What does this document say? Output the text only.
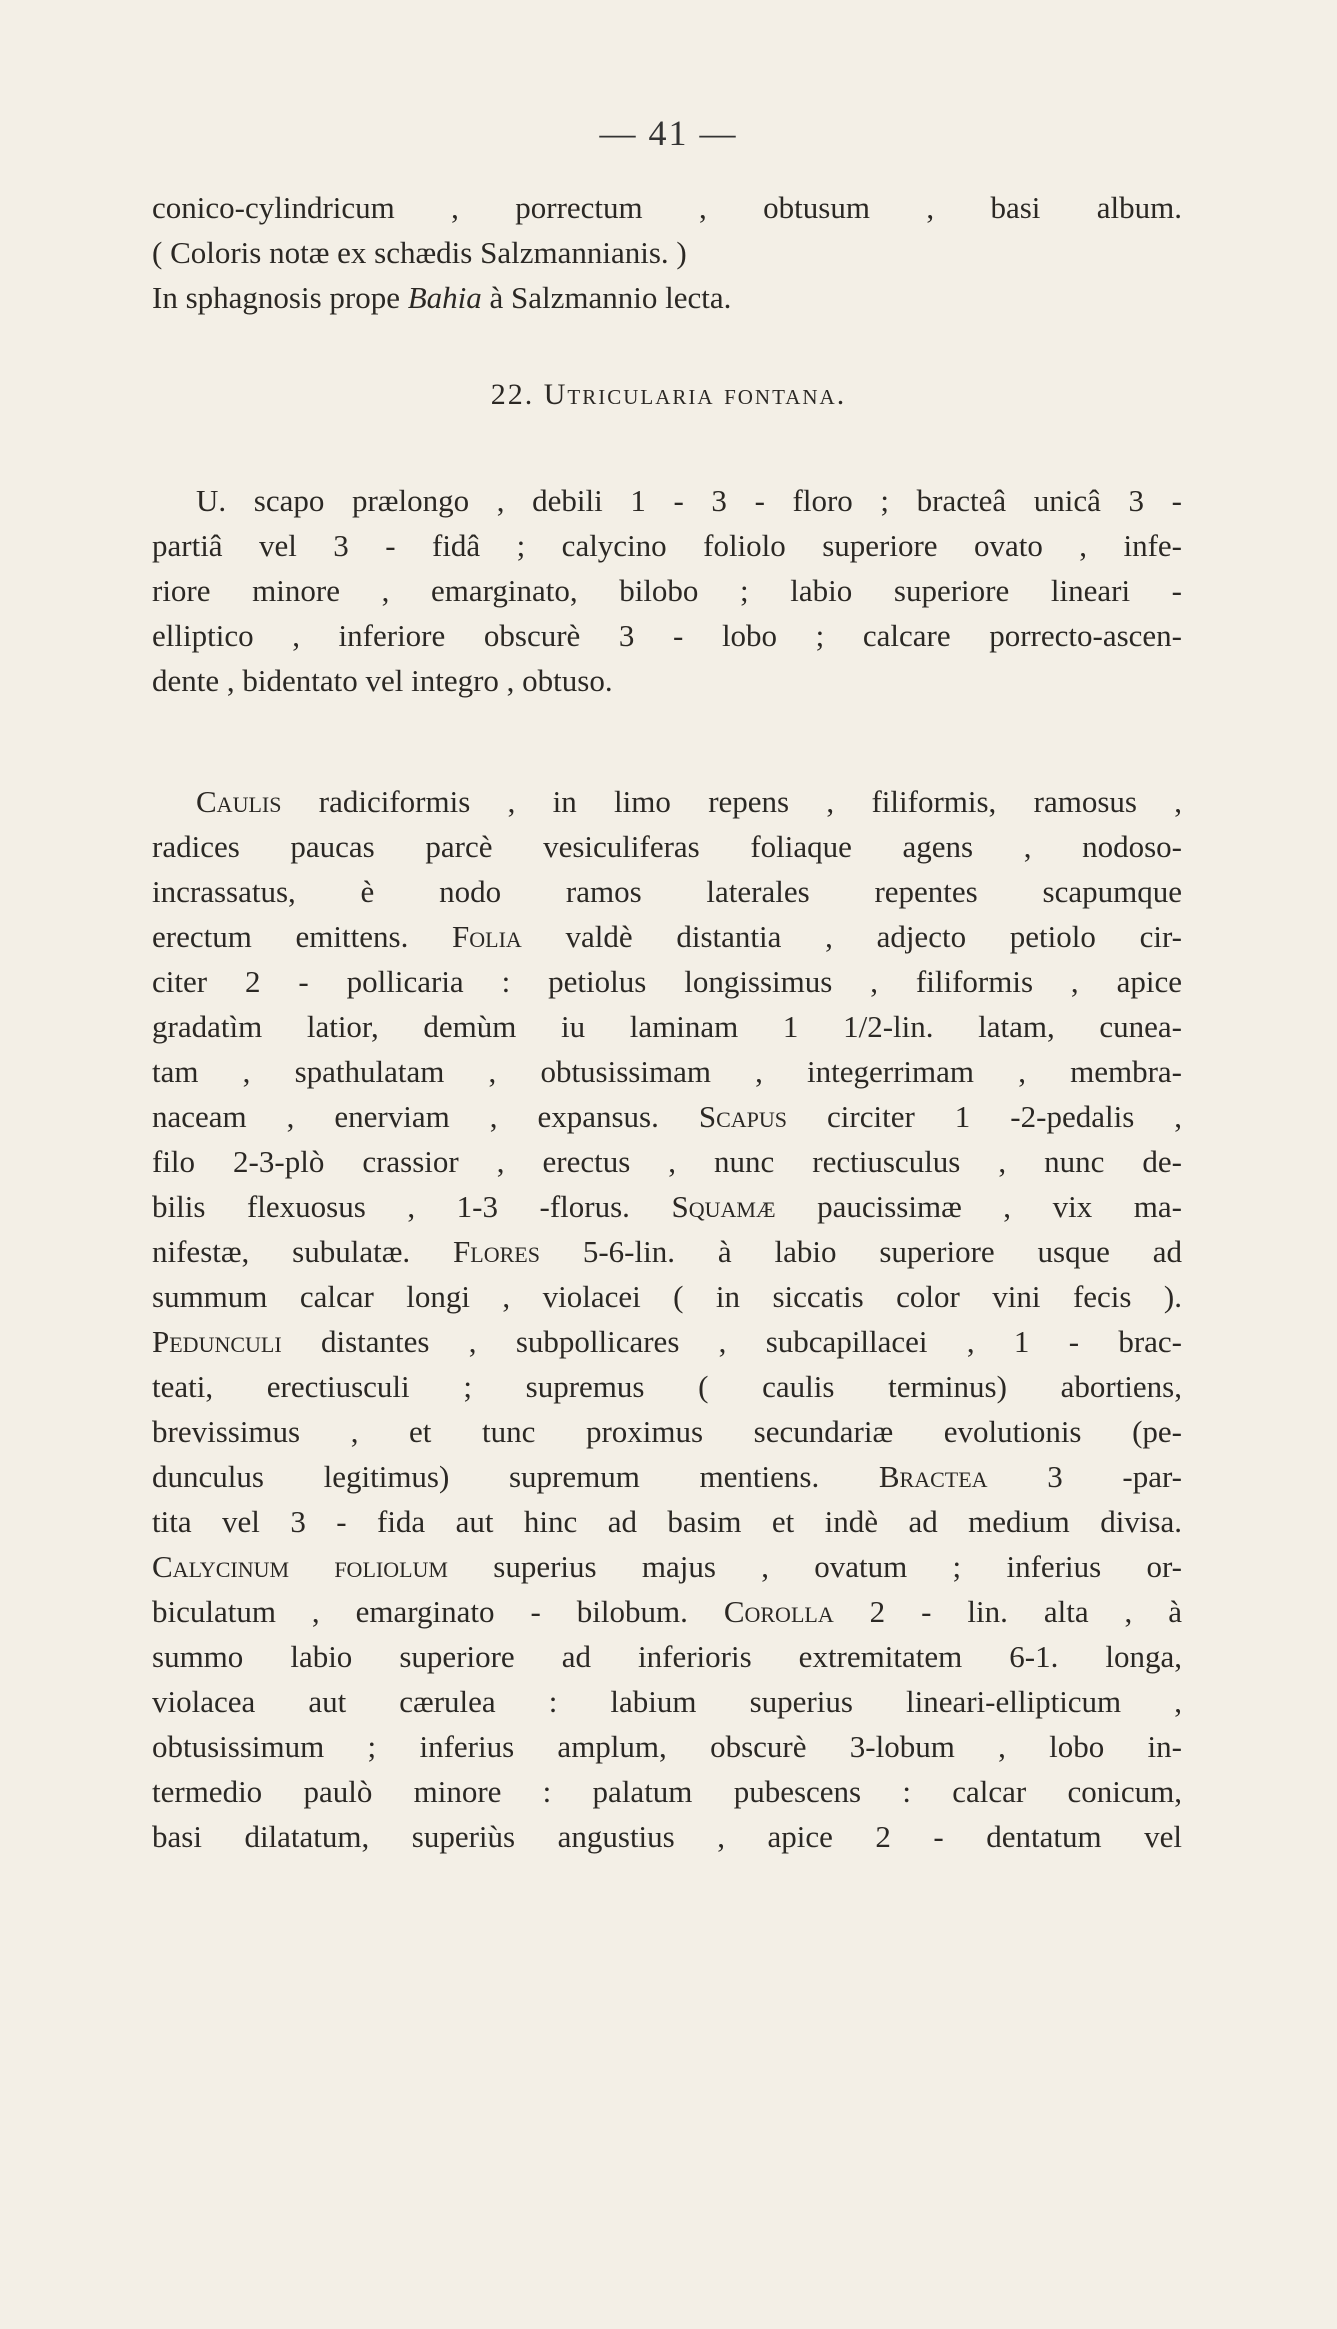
— 41 —
conico-cylindricum , porrectum , obtusum , basi album.
( Coloris notæ ex schædis Salzmannianis. )
In sphagnosis prope Bahia à Salzmannio lecta.
22. Utricularia fontana.
U. scapo prælongo , debili 1 - 3 - floro ; bracteâ unicâ 3 -
partiâ vel 3 - fidâ ; calycino foliolo superiore ovato , infe-
riore minore , emarginato, bilobo ; labio superiore lineari -
elliptico , inferiore obscurè 3 - lobo ; calcare porrecto-ascen-
dente , bidentato vel integro , obtuso.
Caulis radiciformis , in limo repens , filiformis, ramosus ,
radices paucas parcè vesiculiferas foliaque agens , nodoso-
incrassatus, è nodo ramos laterales repentes scapumque
erectum emittens. Folia valdè distantia , adjecto petiolo cir-
citer 2 - pollicaria : petiolus longissimus , filiformis , apice
gradatìm latior, demùm iu laminam 1 1/2-lin. latam, cunea-
tam , spathulatam , obtusissimam , integerrimam , membra-
naceam , enerviam , expansus. Scapus circiter 1 -2-pedalis ,
filo 2-3-plò crassior , erectus , nunc rectiusculus , nunc de-
bilis flexuosus , 1-3 -florus. Squamæ paucissimæ , vix ma-
nifestæ, subulatæ. Flores 5-6-lin. à labio superiore usque ad
summum calcar longi , violacei ( in siccatis color vini fecis ).
Pedunculi distantes , subpollicares , subcapillacei , 1 - brac-
teati, erectiusculi ; supremus ( caulis terminus) abortiens,
brevissimus , et tunc proximus secundariæ evolutionis (pe-
dunculus legitimus) supremum mentiens. Bractea 3 -par-
tita vel 3 - fida aut hinc ad basim et indè ad medium divisa.
Calycinum foliolum superius majus , ovatum ; inferius or-
biculatum , emarginato - bilobum. Corolla 2 - lin. alta , à
summo labio superiore ad inferioris extremitatem 6-1. longa,
violacea aut cærulea : labium superius lineari-ellipticum ,
obtusissimum ; inferius amplum, obscurè 3-lobum , lobo in-
termedio paulò minore : palatum pubescens : calcar conicum,
basi dilatatum, superiùs angustius , apice 2 - dentatum vel
